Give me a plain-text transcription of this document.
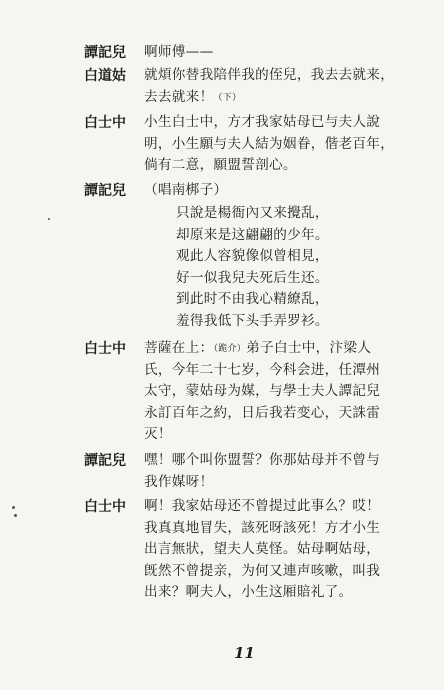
譚記兒 啊师傅——
白道姑 就煩你替我陪伴我的侄兒，我去去就来，
去去就来！（下）
白士中 小生白士中，方才我家姑母已与夫人說
明，小生願与夫人結为姻眷，偕老百年，
倘有二意，願盟誓剖心。
譚記兒 （唱南梆子）
只說是楊衙內又来攪乱，
却原来是这翩翩的少年。
观此人容貌像似曾相見，
好一似我兒夫死后生还。
到此时不由我心精繚乱，
羞得我低下头手弄罗衫。
白士中 菩薩在上：（跪介）弟子白士中，汴梁人
氏，今年二十七岁，今科会进，任潭州
太守，蒙姑母为媒，与學士夫人譚記兒
永訂百年之約，日后我若变心，天誅雷
灭！
譚記兒 嘿！哪个叫你盟誓？你那姑母并不曾与
我作媒呀！
白士中 啊！我家姑母还不曾提过此事么？哎！
我真真地冒失，該死呀該死！方才小生
出言無狀，望夫人莫怪。姑母啊姑母，
旣然不曾提亲，为何又連声咳嗽，叫我
出来？啊夫人，小生这厢賠礼了。
11
